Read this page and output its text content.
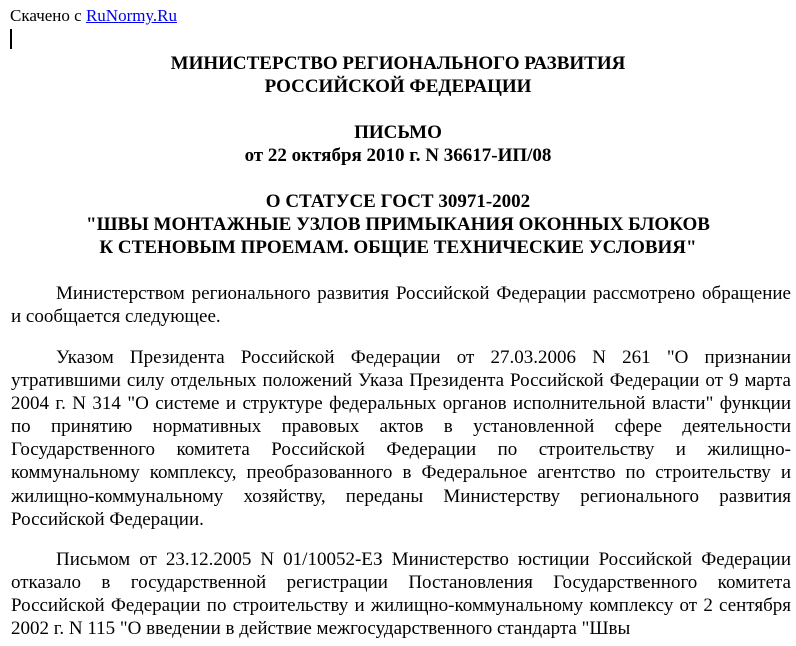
Скачено с RuNormy.Ru
МИНИСТЕРСТВО РЕГИОНАЛЬНОГО РАЗВИТИЯ
РОССИЙСКОЙ ФЕДЕРАЦИИ
ПИСЬМО
от 22 октября 2010 г. N 36617-ИП/08
О СТАТУСЕ ГОСТ 30971-2002
"ШВЫ МОНТАЖНЫЕ УЗЛОВ ПРИМЫКАНИЯ ОКОННЫХ БЛОКОВ
К СТЕНОВЫМ ПРОЕМАМ. ОБЩИЕ ТЕХНИЧЕСКИЕ УСЛОВИЯ"

Министерством регионального развития Российской Федерации рассмотрено обращение и сообщается следующее.

Указом Президента Российской Федерации от 27.03.2006 N 261 "О признании утратившими силу отдельных положений Указа Президента Российской Федерации от 9 марта 2004 г. N 314 "О системе и структуре федеральных органов исполнительной власти" функции по принятию нормативных правовых актов в установленной сфере деятельности Государственного комитета Российской Федерации по строительству и жилищно-коммунальному комплексу, преобразованного в Федеральное агентство по строительству и жилищно-коммунальному хозяйству, переданы Министерству регионального развития Российской Федерации.

Письмом от 23.12.2005 N 01/10052-ЕЗ Министерство юстиции Российской Федерации отказало в государственной регистрации Постановления Государственного комитета Российской Федерации по строительству и жилищно-коммунальному комплексу от 2 сентября 2002 г. N 115 "О введении в действие межгосударственного стандарта "Швы
